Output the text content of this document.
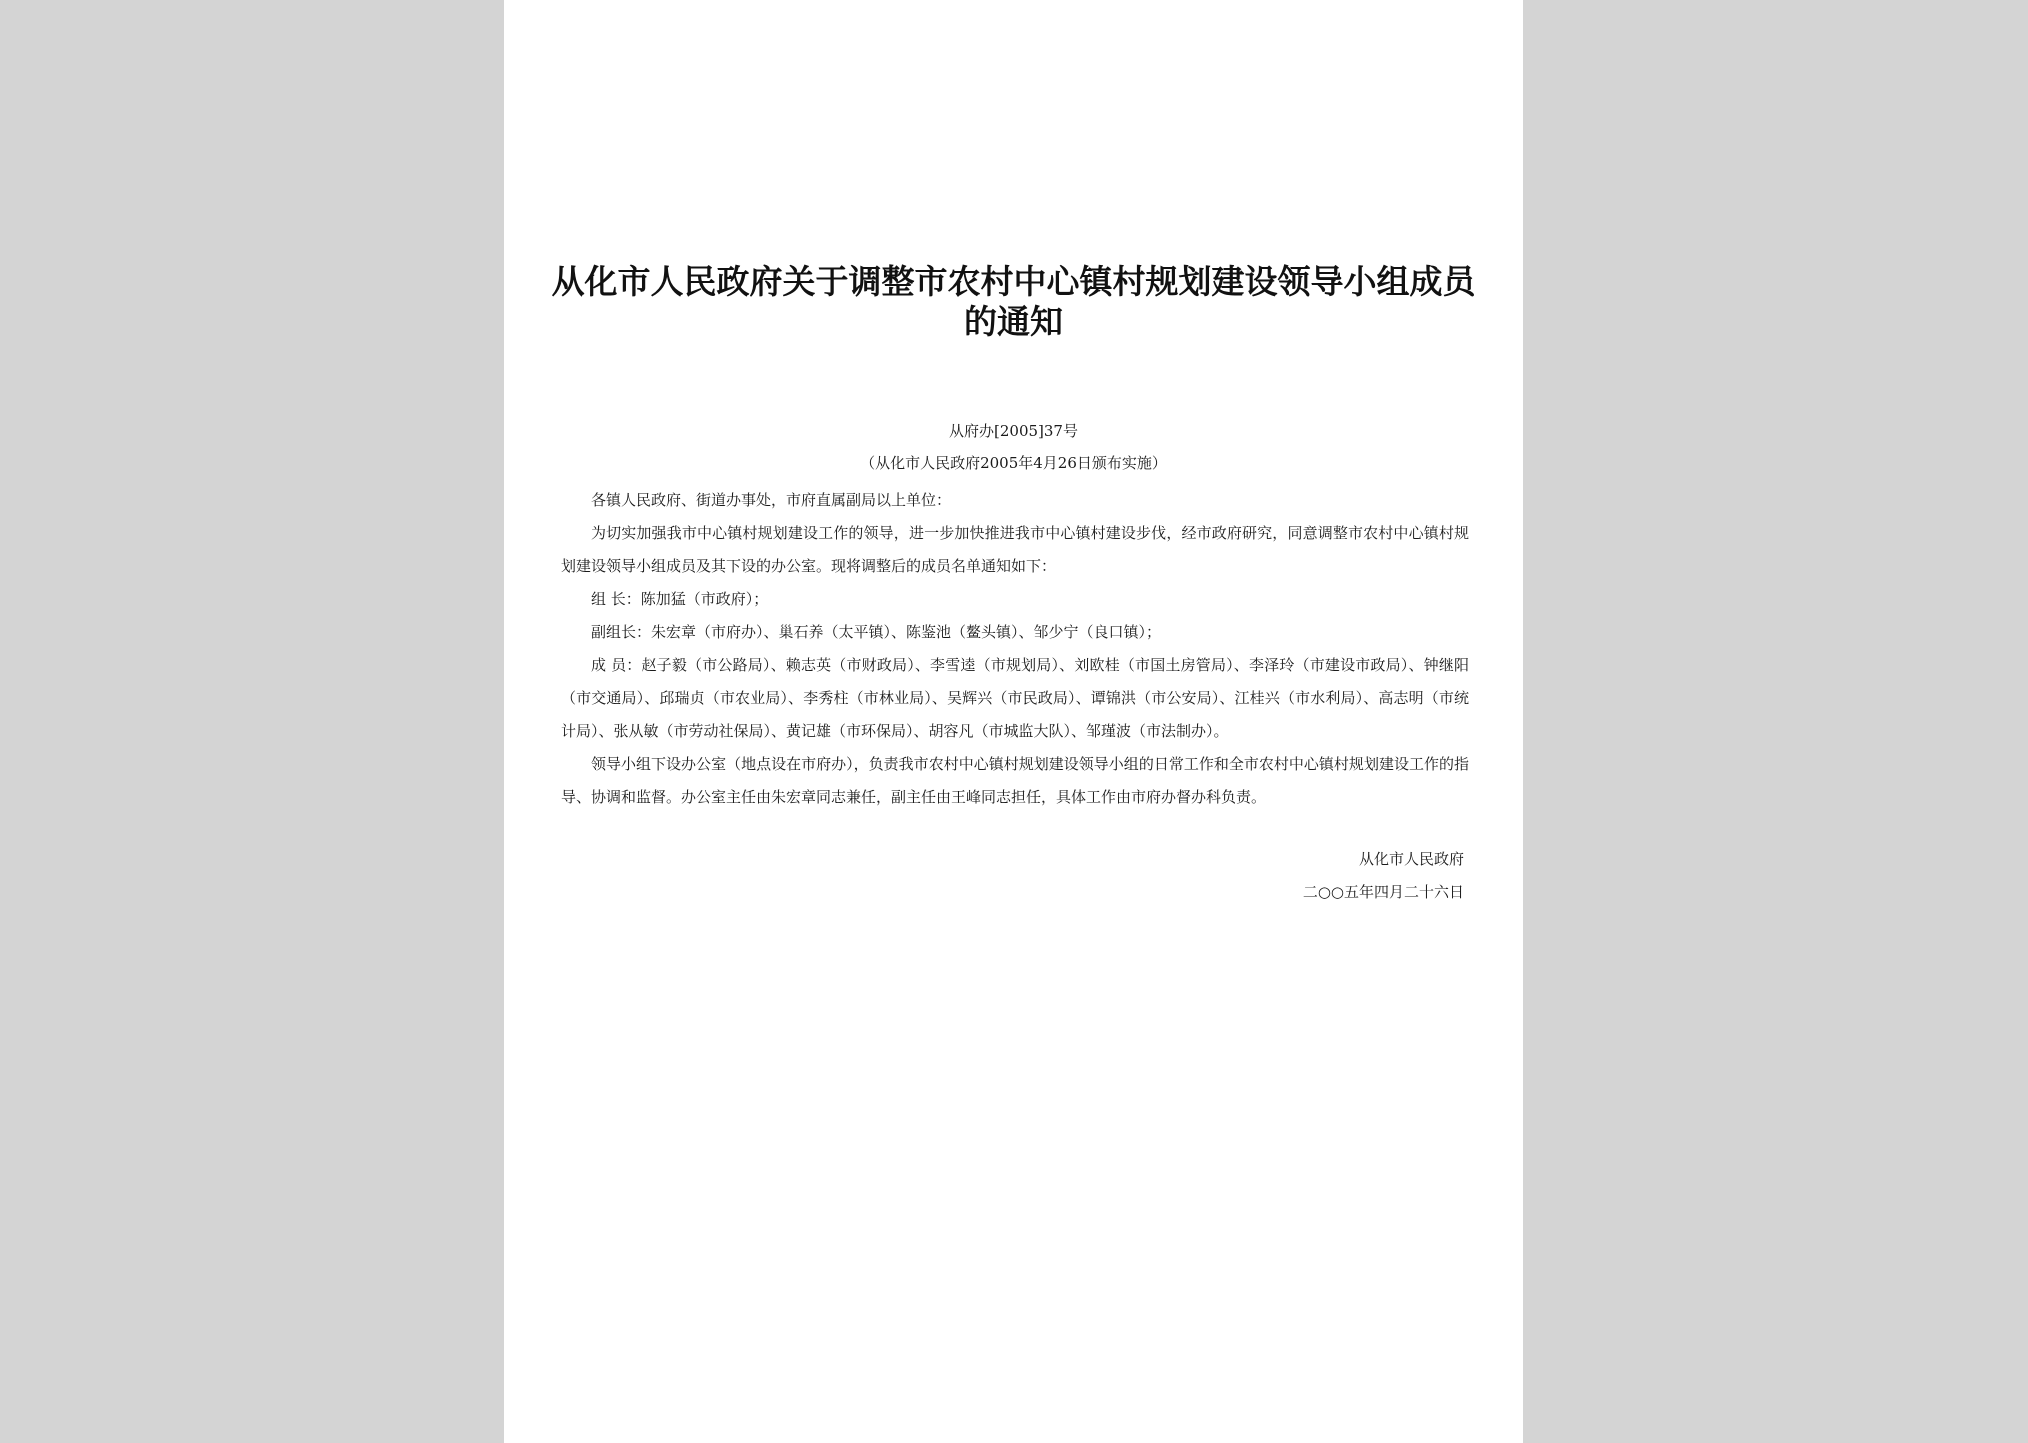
从化市人民政府关于调整市农村中心镇村规划建设领导小组成员的通知
从府办[2005]37号
（从化市人民政府2005年4月26日颁布实施）

各镇人民政府、街道办事处，市府直属副局以上单位：

为切实加强我市中心镇村规划建设工作的领导，进一步加快推进我市中心镇村建设步伐，经市政府研究，同意调整市农村中心镇村规划建设领导小组成员及其下设的办公室。现将调整后的成员名单通知如下：

组 长：陈加猛（市政府）；

副组长：朱宏章（市府办）、巢石养（太平镇）、陈鉴池（鳌头镇）、邹少宁（良口镇）；

成 员：赵子毅（市公路局）、赖志英（市财政局）、李雪逵（市规划局）、刘欧桂（市国土房管局）、李泽玲（市建设市政局）、钟继阳（市交通局）、邱瑞贞（市农业局）、李秀柱（市林业局）、吴辉兴（市民政局）、谭锦洪（市公安局）、江桂兴（市水利局）、高志明（市统计局）、张从敏（市劳动社保局）、黄记雄（市环保局）、胡容凡（市城监大队）、邹瑾波（市法制办）。

领导小组下设办公室（地点设在市府办），负责我市农村中心镇村规划建设领导小组的日常工作和全市农村中心镇村规划建设工作的指导、协调和监督。办公室主任由朱宏章同志兼任，副主任由王峰同志担任，具体工作由市府办督办科负责。

从化市人民政府
二○○五年四月二十六日
